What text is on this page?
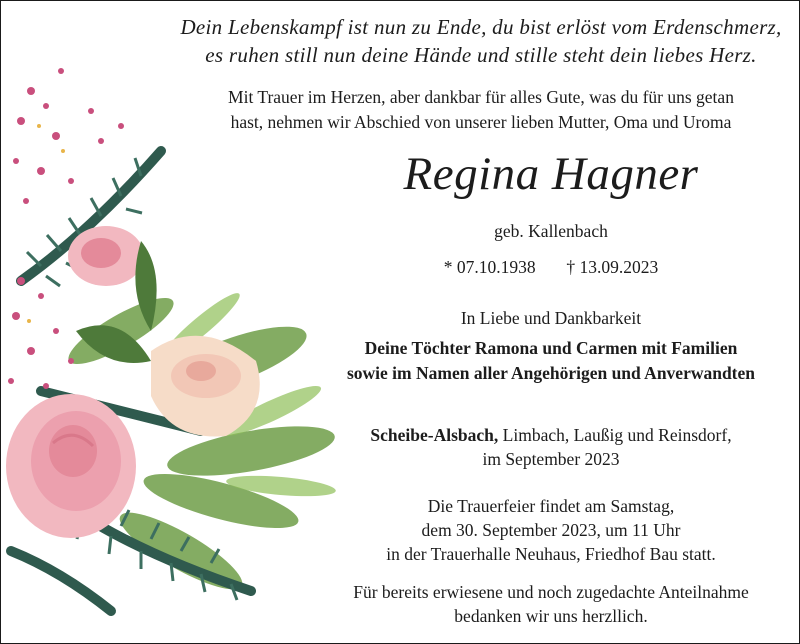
Dein Lebenskampf ist nun zu Ende, du bist erlöst vom Erdenschmerz,

es ruhen still nun deine Hände und stille steht dein liebes Herz.

Mit Trauer im Herzen, aber dankbar für alles Gute, was du für uns getan

hast, nehmen wir Abschied von unserer lieben Mutter, Oma und Uroma

Regina Hagner

geb. Kallenbach

* 07.10.1938 † 13.09.2023

In Liebe und Dankbarkeit

Deine Töchter Ramona und Carmen mit Familien

sowie im Namen aller Angehörigen und Anverwandten

Scheibe-Alsbach, Limbach, Laußig und Reinsdorf,

im September 2023

Die Trauerfeier findet am Samstag,

dem 30. September 2023, um 11 Uhr

in der Trauerhalle Neuhaus, Friedhof Bau statt.

Für bereits erwiesene und noch zugedachte Anteilnahme

bedanken wir uns herzllich.
